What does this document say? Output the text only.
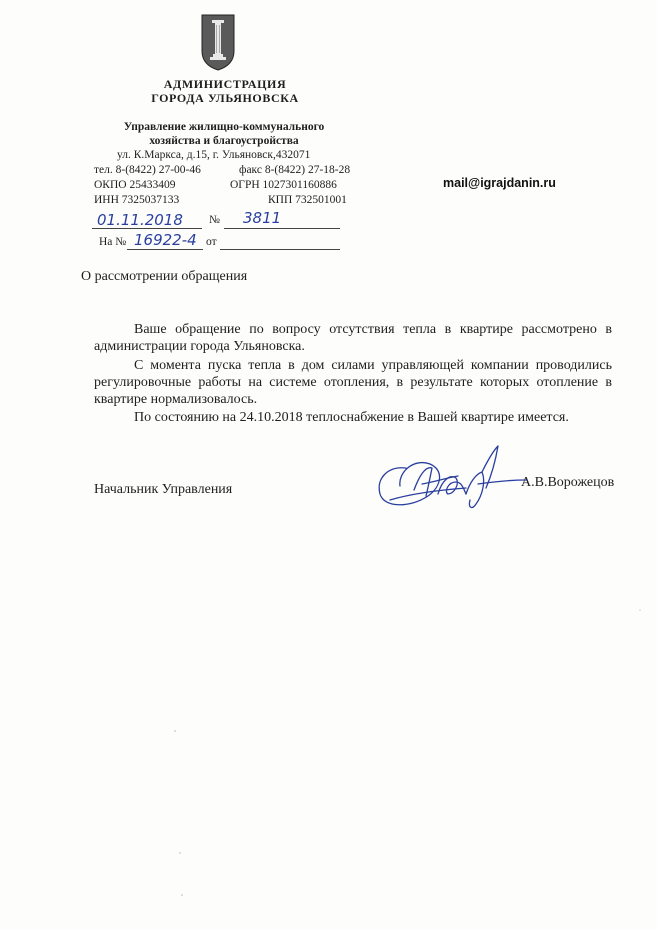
АДМИНИСТРАЦИЯ
ГОРОДА УЛЬЯНОВСКА
Управление жилищно-коммунального
хозяйства и благоустройства
ул. К.Маркса, д.15, г. Ульяновск,432071
тел. 8-(8422) 27-00-46	факс 8-(8422) 27-18-28
ОКПО 25433409	ОГРН 1027301160886
ИНН 7325037133	КПП 732501001
mail@igrajdanin.ru
01.11.2018 № 3811
На № 16922-4 от
О рассмотрении обращения
Ваше обращение по вопросу отсутствия тепла в квартире рассмотрено в администрации города Ульяновска.
С момента пуска тепла в дом силами управляющей компании проводились регулировочные работы на системе отопления, в результате которых отопление в квартире нормализовалось.
По состоянию на 24.10.2018 теплоснабжение в Вашей квартире имеется.
Начальник Управления	А.В.Ворожецов
